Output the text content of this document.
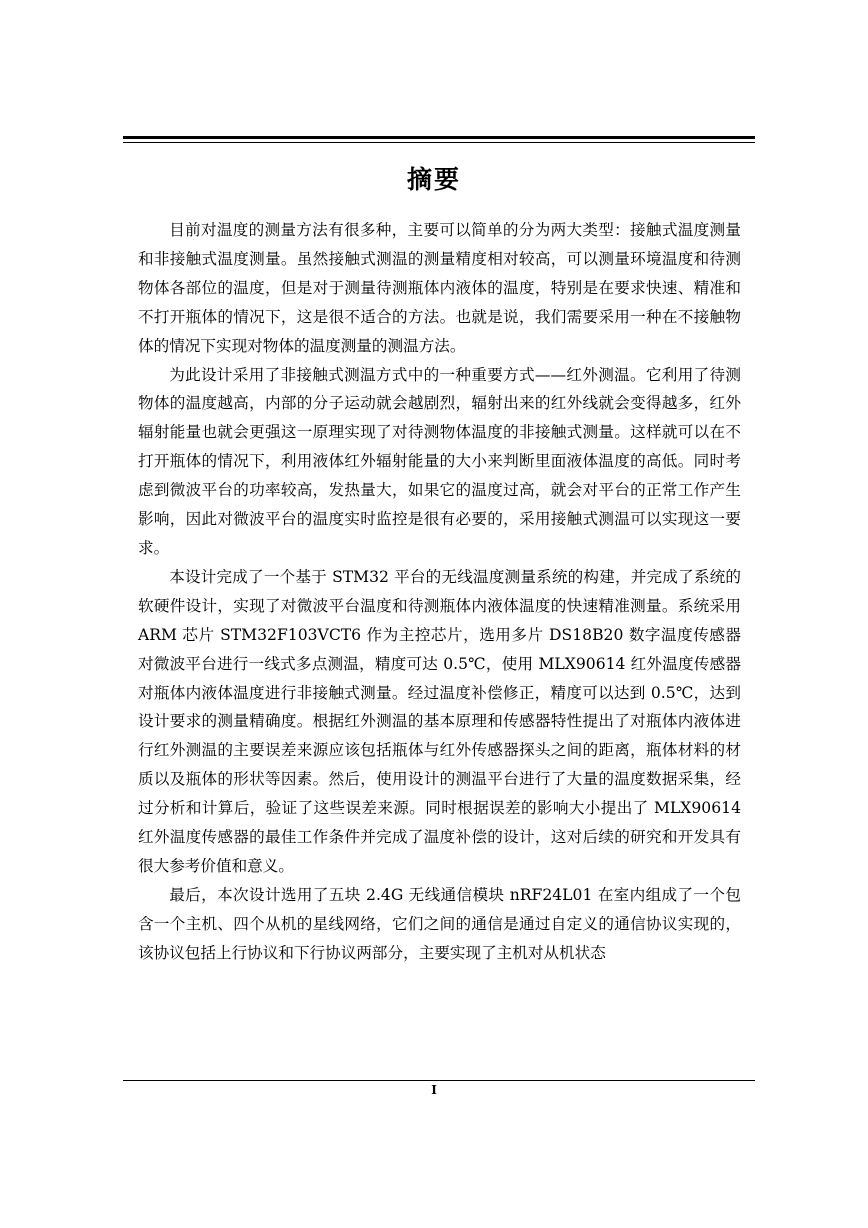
摘要

目前对温度的测量方法有很多种，主要可以简单的分为两大类型：接触式温度测量和非接触式温度测量。虽然接触式测温的测量精度相对较高，可以测量环境温度和待测物体各部位的温度，但是对于测量待测瓶体内液体的温度，特别是在要求快速、精准和不打开瓶体的情况下，这是很不适合的方法。也就是说，我们需要采用一种在不接触物体的情况下实现对物体的温度测量的测温方法。

为此设计采用了非接触式测温方式中的一种重要方式——红外测温。它利用了待测物体的温度越高，内部的分子运动就会越剧烈，辐射出来的红外线就会变得越多，红外辐射能量也就会更强这一原理实现了对待测物体温度的非接触式测量。这样就可以在不打开瓶体的情况下，利用液体红外辐射能量的大小来判断里面液体温度的高低。同时考虑到微波平台的功率较高，发热量大，如果它的温度过高，就会对平台的正常工作产生影响，因此对微波平台的温度实时监控是很有必要的，采用接触式测温可以实现这一要求。

本设计完成了一个基于 STM32 平台的无线温度测量系统的构建，并完成了系统的软硬件设计，实现了对微波平台温度和待测瓶体内液体温度的快速精准测量。系统采用 ARM 芯片 STM32F103VCT6 作为主控芯片，选用多片 DS18B20 数字温度传感器对微波平台进行一线式多点测温，精度可达 0.5℃，使用 MLX90614 红外温度传感器对瓶体内液体温度进行非接触式测量。经过温度补偿修正，精度可以达到 0.5℃，达到设计要求的测量精确度。根据红外测温的基本原理和传感器特性提出了对瓶体内液体进行红外测温的主要误差来源应该包括瓶体与红外传感器探头之间的距离，瓶体材料的材质以及瓶体的形状等因素。然后，使用设计的测温平台进行了大量的温度数据采集，经过分析和计算后，验证了这些误差来源。同时根据误差的影响大小提出了 MLX90614 红外温度传感器的最佳工作条件并完成了温度补偿的设计，这对后续的研究和开发具有很大参考价值和意义。

最后，本次设计选用了五块 2.4G 无线通信模块 nRF24L01 在室内组成了一个包含一个主机、四个从机的星线网络，它们之间的通信是通过自定义的通信协议实现的，该协议包括上行协议和下行协议两部分，主要实现了主机对从机状态

I
